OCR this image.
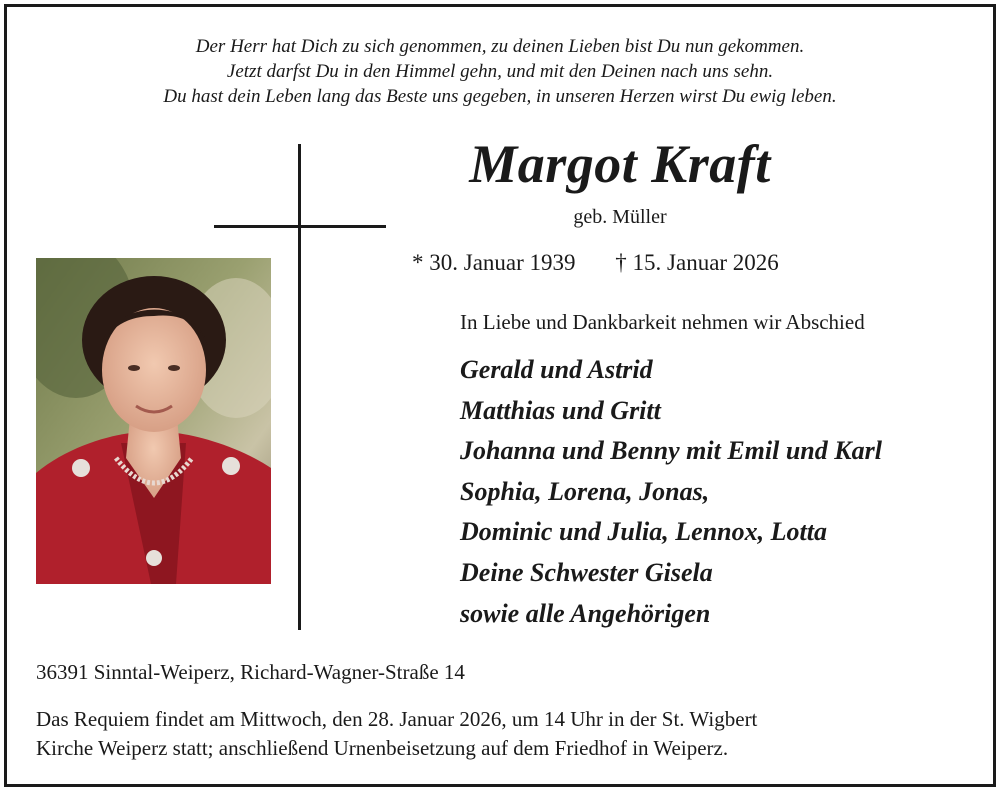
Der Herr hat Dich zu sich genommen, zu deinen Lieben bist Du nun gekommen.
Jetzt darfst Du in den Himmel gehn, und mit den Deinen nach uns sehn.
Du hast dein Leben lang das Beste uns gegeben, in unseren Herzen wirst Du ewig leben.
Margot Kraft
geb. Müller
* 30. Januar 1939 † 15. Januar 2026
In Liebe und Dankbarkeit nehmen wir Abschied
Gerald und Astrid
Matthias und Gritt
Johanna und Benny mit Emil und Karl
Sophia, Lorena, Jonas,
Dominic und Julia, Lennox, Lotta
Deine Schwester Gisela
sowie alle Angehörigen
36391 Sinntal-Weiperz, Richard-Wagner-Straße 14
Das Requiem findet am Mittwoch, den 28. Januar 2026, um 14 Uhr in der St. Wigbert
Kirche Weiperz statt; anschließend Urnenbeisetzung auf dem Friedhof in Weiperz.
